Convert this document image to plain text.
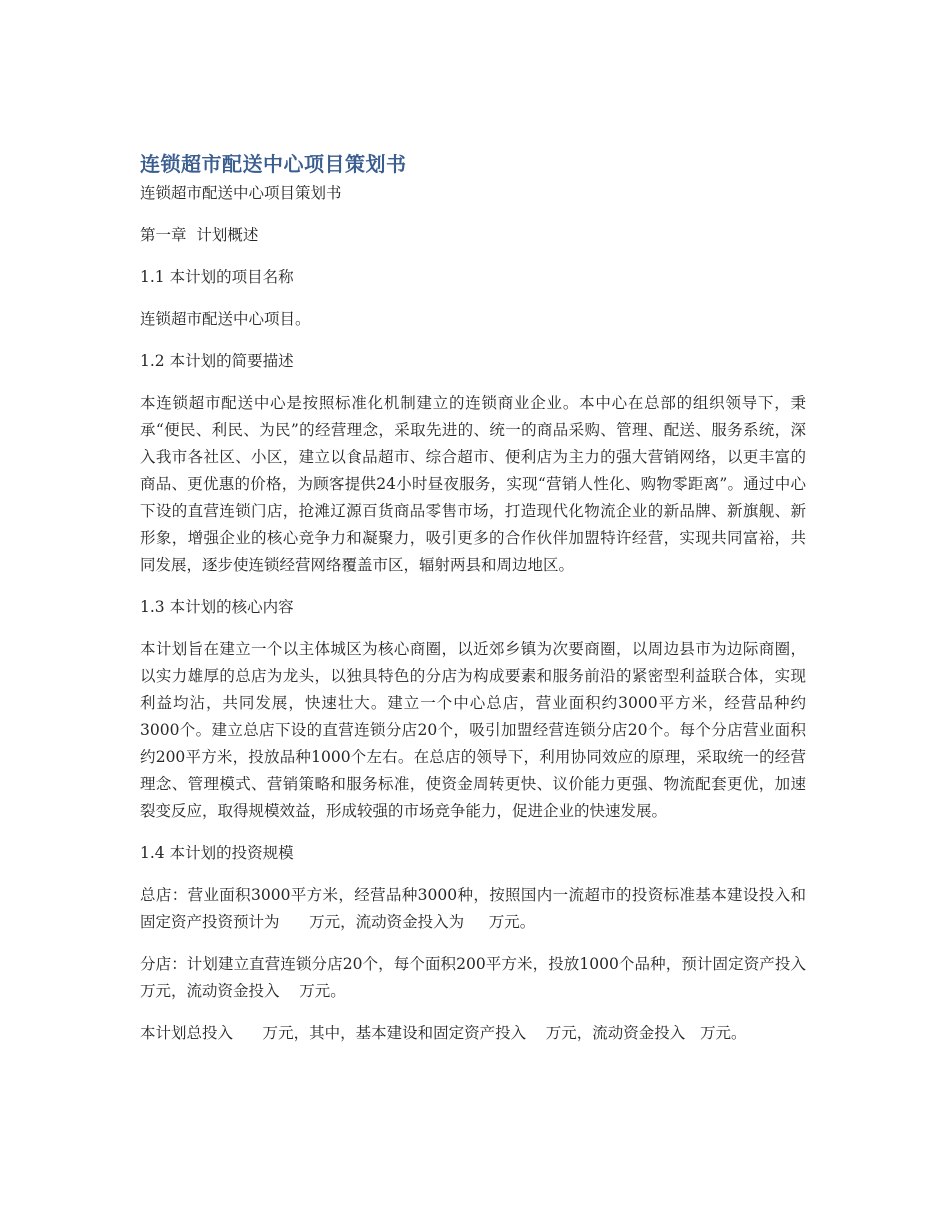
连锁超市配送中心项目策划书

连锁超市配送中心项目策划书

第一章  计划概述

1.1 本计划的项目名称

连锁超市配送中心项目。

1.2 本计划的简要描述

本连锁超市配送中心是按照标准化机制建立的连锁商业企业。本中心在总部的组织领导下，秉承“便民、利民、为民”的经营理念，采取先进的、统一的商品采购、管理、配送、服务系统，深入我市各社区、小区，建立以食品超市、综合超市、便利店为主力的强大营销网络，以更丰富的商品、更优惠的价格，为顾客提供24小时昼夜服务，实现“营销人性化、购物零距离”。通过中心下设的直营连锁门店，抢滩辽源百货商品零售市场，打造现代化物流企业的新品牌、新旗舰、新形象，增强企业的核心竞争力和凝聚力，吸引更多的合作伙伴加盟特许经营，实现共同富裕，共同发展，逐步使连锁经营网络覆盖市区，辐射两县和周边地区。

1.3 本计划的核心内容

本计划旨在建立一个以主体城区为核心商圈，以近郊乡镇为次要商圈，以周边县市为边际商圈，以实力雄厚的总店为龙头，以独具特色的分店为构成要素和服务前沿的紧密型利益联合体，实现利益均沾，共同发展，快速壮大。建立一个中心总店，营业面积约3000平方米，经营品种约3000个。建立总店下设的直营连锁分店20个，吸引加盟经营连锁分店20个。每个分店营业面积约200平方米，投放品种1000个左右。在总店的领导下，利用协同效应的原理，采取统一的经营理念、管理模式、营销策略和服务标准，使资金周转更快、议价能力更强、物流配套更优，加速裂变反应，取得规模效益，形成较强的市场竞争能力，促进企业的快速发展。

1.4 本计划的投资规模

总店：营业面积3000平方米，经营品种3000种，按照国内一流超市的投资标准基本建设投入和固定资产投资预计为      万元，流动资金投入为     万元。

分店：计划建立直营连锁分店20个，每个面积200平方米，投放1000个品种，预计固定资产投入    万元，流动资金投入    万元。

本计划总投入      万元，其中，基本建设和固定资产投入    万元，流动资金投入   万元。
